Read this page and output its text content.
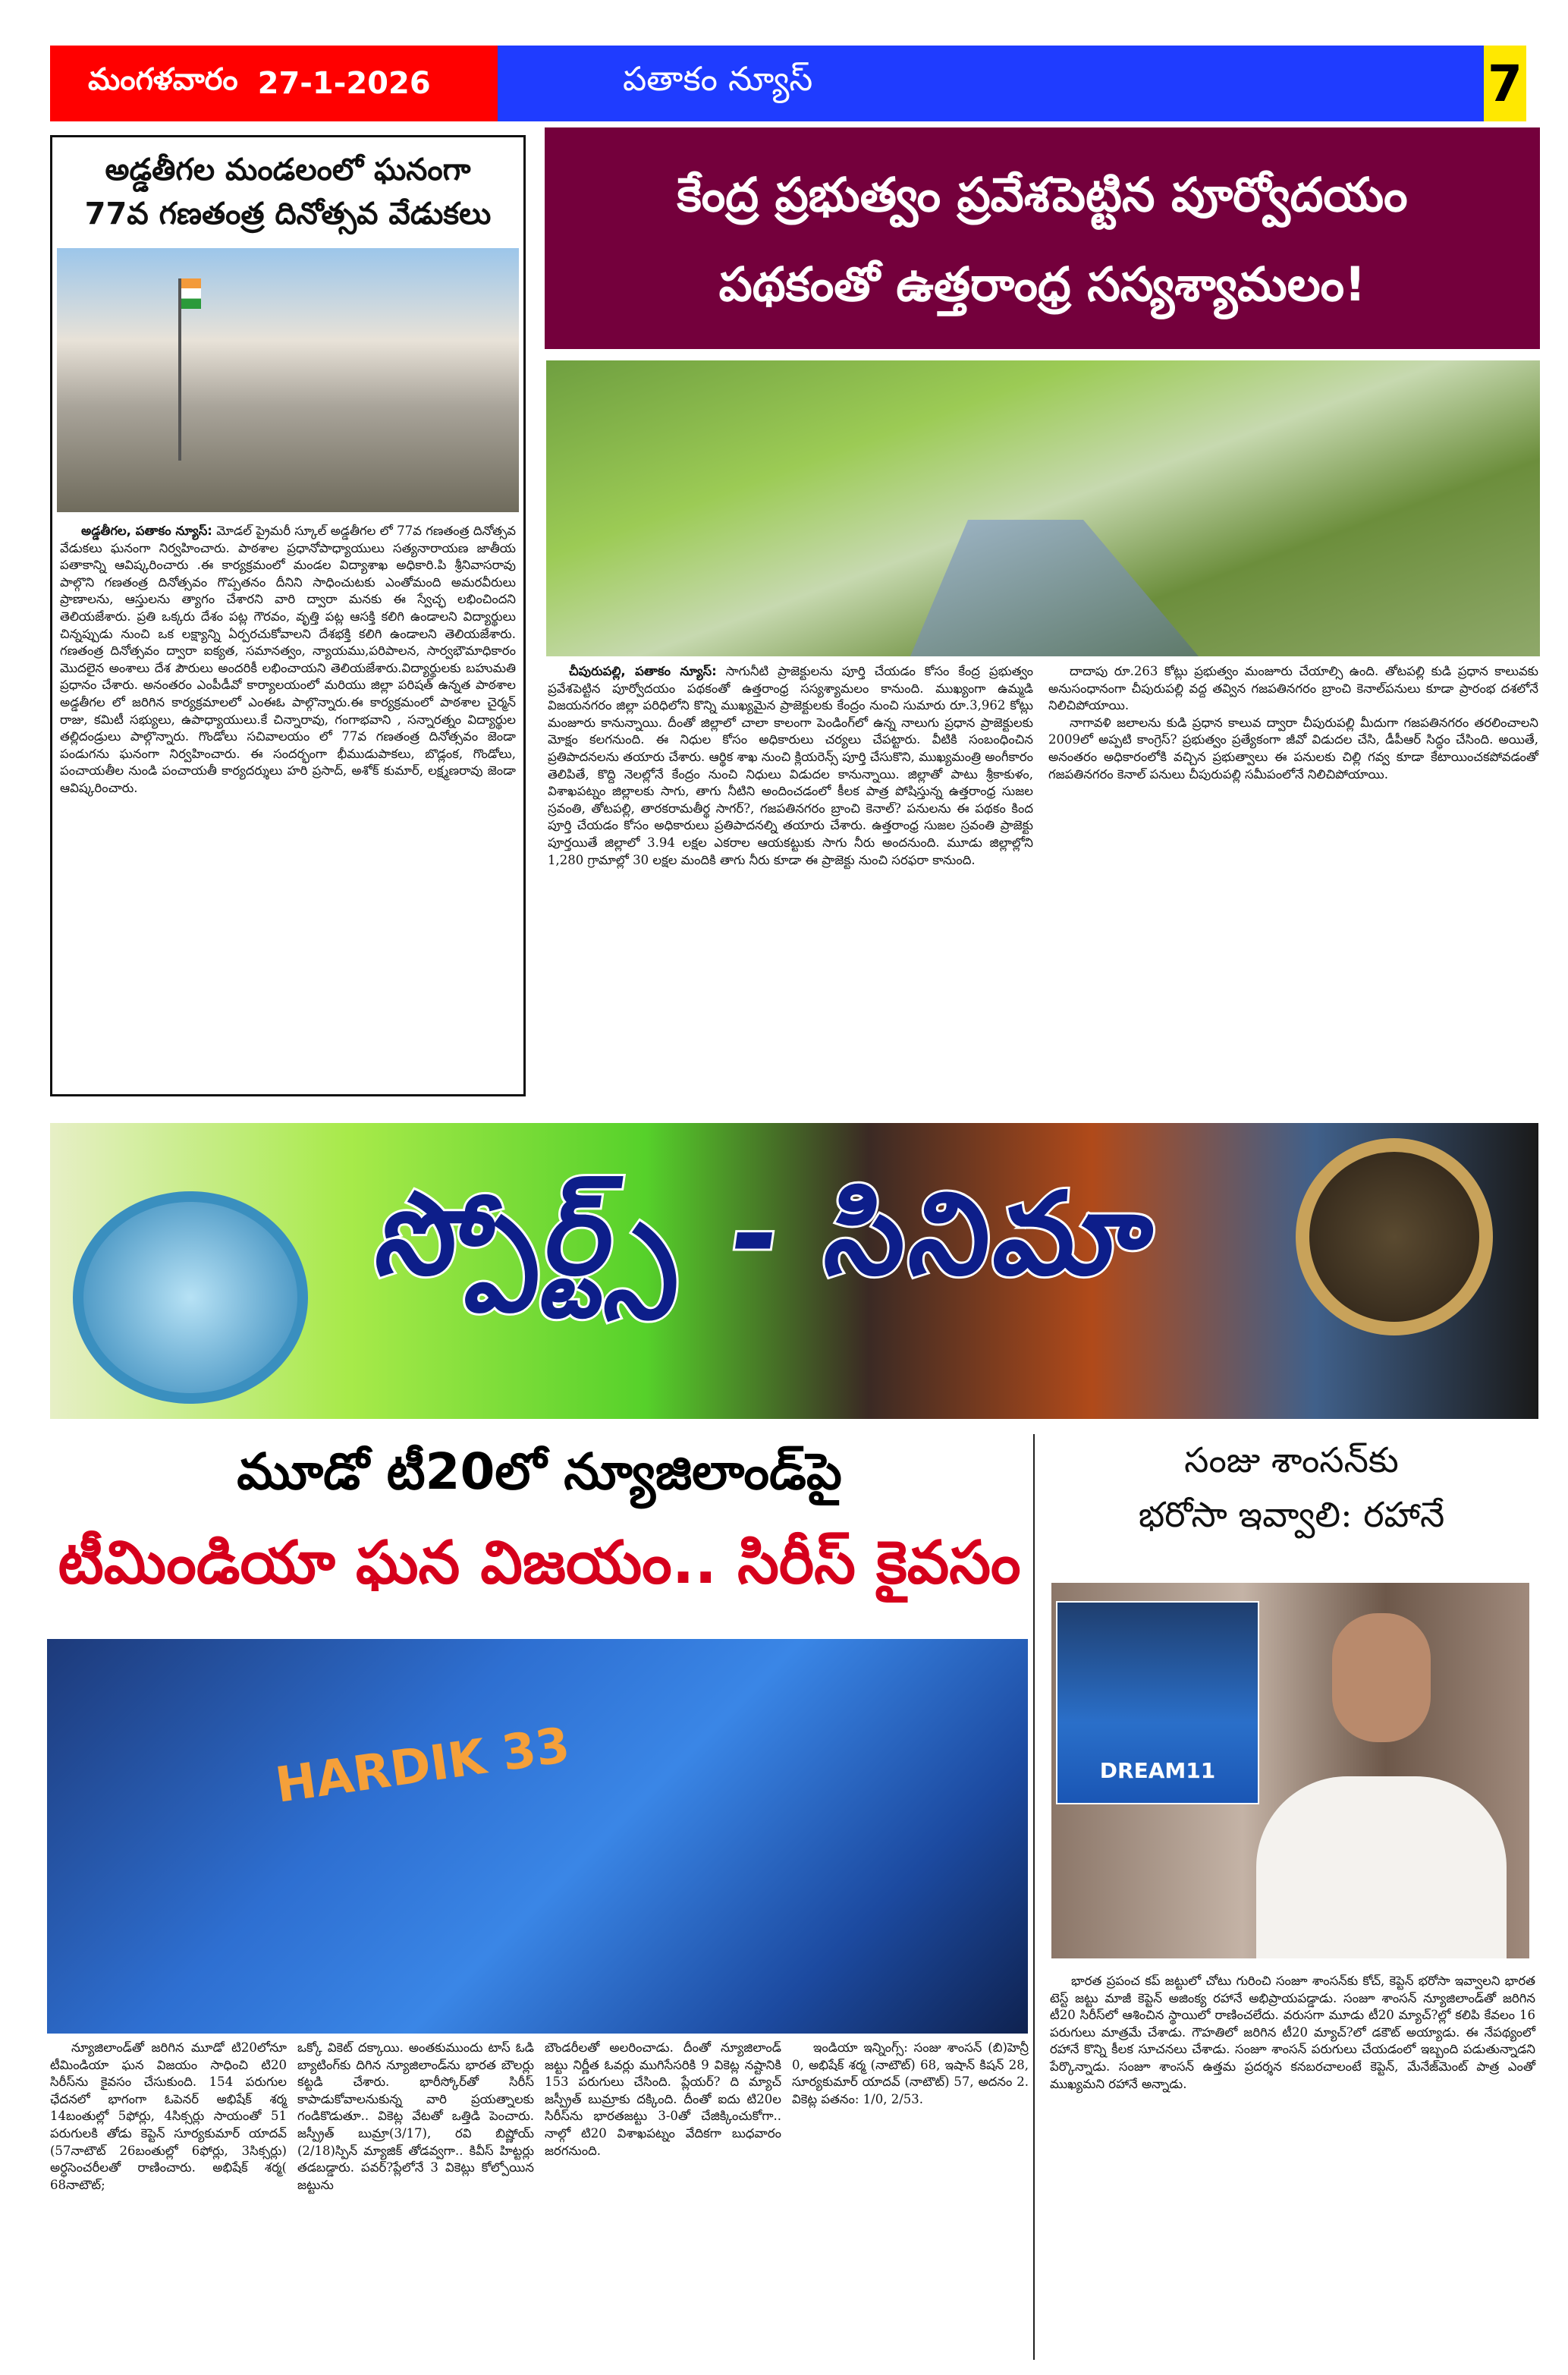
మంగళవారం 27-1-2026	పతాకం న్యూస్	7
అడ్డతీగల మండలంలో ఘనంగా
77వ గణతంత్ర దినోత్సవ వేడుకలు

అడ్డతీగల, పతాకం న్యూస్: మోడల్ ప్రైమరీ స్కూల్ అడ్డతీగల లో 77వ గణతంత్ర దినోత్సవ వేడుకలు ఘనంగా నిర్వహించారు. పాఠశాల ప్రధానోపాధ్యాయులు సత్యనారాయణ జాతీయ పతాకాన్ని ఆవిష్కరించారు .ఈ కార్యక్రమంలో మండల విద్యాశాఖ అధికారి.పి శ్రీనివాసరావు పాల్గొని గణతంత్ర దినోత్సవం గొప్పతనం దీనిని సాధించుటకు ఎంతోమంది అమరవీరులు ప్రాణాలను, ఆస్తులను త్యాగం చేశారని వారి ద్వారా మనకు ఈ స్వేచ్ఛ లభించిందని తెలియజేశారు. ప్రతి ఒక్కరు దేశం పట్ల గౌరవం, వృత్తి పట్ల ఆసక్తి కలిగి ఉండాలని విద్యార్థులు చిన్నప్పుడు నుంచి ఒక లక్ష్యాన్ని ఏర్పరచుకోవాలని దేశభక్తి కలిగి ఉండాలని తెలియజేశారు. గణతంత్ర దినోత్సవం ద్వారా ఐక్యత, సమానత్వం, న్యాయము,పరిపాలన, సార్వభౌమాధికారం మొదలైన అంశాలు దేశ పౌరులు అందరికీ లభించాయని తెలియజేశారు.విద్యార్థులకు బహుమతి ప్రధానం చేశారు. అనంతరం ఎంపీడీవో కార్యాలయంలో మరియు జిల్లా పరిషత్ ఉన్నత పాఠశాల అడ్డతీగల లో జరిగిన కార్యక్రమాలలో ఎంఈఓ పాల్గొన్నారు.ఈ కార్యక్రమంలో పాఠశాల చైర్మన్ రాజు, కమిటీ సభ్యులు, ఉపాధ్యాయులు.కే చిన్నారావు, గంగాభవాని , సన్నారత్నం విద్యార్థుల తల్లిదండ్రులు పాల్గొన్నారు. గొండోలు సచివాలయం లో 77వ గణతంత్ర దినోత్సవం జెండా పండుగను ఘనంగా నిర్వహించారు. ఈ సందర్భంగా భీముడుపాకలు, బొడ్లంక, గొండోలు, పంచాయతీల నుండి పంచాయతీ కార్యదర్శులు హరి ప్రసాద్, అశోక్ కుమార్, లక్ష్మణరావు జెండా ఆవిష్కరించారు.

కేంద్ర ప్రభుత్వం ప్రవేశపెట్టిన పూర్వోదయం
పథకంతో ఉత్తరాంధ్ర సస్యశ్యామలం!

చీపురుపల్లి, పతాకం న్యూస్: సాగునీటి ప్రాజెక్టులను పూర్తి చేయడం కోసం కేంద్ర ప్రభుత్వం ప్రవేశపెట్టిన పూర్వోదయం పథకంతో ఉత్తరాంధ్ర సస్యశ్యామలం కానుంది. ముఖ్యంగా ఉమ్మడి విజయనగరం జిల్లా పరిధిలోని కొన్ని ముఖ్యమైన ప్రాజెక్టులకు కేంద్రం నుంచి సుమారు రూ.3,962 కోట్లు మంజూరు కానున్నాయి. దీంతో జిల్లాలో చాలా కాలంగా పెండింగ్‌లో ఉన్న నాలుగు ప్రధాన ప్రాజెక్టులకు మోక్షం కలగనుంది. ఈ నిధుల కోసం అధికారులు చర్యలు చేపట్టారు. వీటికి సంబంధించిన ప్రతిపాదనలను తయారు చేశారు. ఆర్థిక శాఖ నుంచి క్లియరెన్స్ పూర్తి చేసుకొని, ముఖ్యమంత్రి అంగీకారం తెలిపితే, కొద్ది నెలల్లోనే కేంద్రం నుంచి నిధులు విడుదల కానున్నాయి. జిల్లాతో పాటు శ్రీకాకుళం, విశాఖపట్నం జిల్లాలకు సాగు, తాగు నీటిని అందించడంలో కీలక పాత్ర పోషిస్తున్న ఉత్తరాంధ్ర సుజల స్రవంతి, తోటపల్లి, తారకరామతీర్థ సాగర్?, గజపతినగరం బ్రాంచి కెనాల్? పనులను ఈ పథకం కింద పూర్తి చేయడం కోసం అధికారులు ప్రతిపాదనల్ని తయారు చేశారు. ఉత్తరాంధ్ర సుజల స్రవంతి ప్రాజెక్టు పూర్తయితే జిల్లాలో 3.94 లక్షల ఎకరాల ఆయకట్టుకు సాగు నీరు అందనుంది. మూడు జిల్లాల్లోని 1,280 గ్రామాల్లో 30 లక్షల మందికి తాగు నీరు కూడా ఈ ప్రాజెక్టు నుంచి సరఫరా కానుంది.

దాదాపు రూ.263 కోట్లు ప్రభుత్వం మంజూరు చేయాల్సి ఉంది. తోటపల్లి కుడి ప్రధాన కాలువకు అనుసంధానంగా చీపురుపల్లి వద్ద తవ్విన గజపతినగరం బ్రాంచి కెనాల్‌పనులు కూడా ప్రారంభ దశలోనే నిలిచిపోయాయి.

నాగావళి జలాలను కుడి ప్రధాన కాలువ ద్వారా చీపురుపల్లి మీదుగా గజపతినగరం తరలించాలని 2009లో అప్పటి కాంగ్రెస్? ప్రభుత్వం ప్రత్యేకంగా జీవో విడుదల చేసి, డీపీఆర్ సిద్ధం చేసింది. అయితే, అనంతరం అధికారంలోకి వచ్చిన ప్రభుత్వాలు ఈ పనులకు చిల్లి గవ్వ కూడా కేటాయించకపోవడంతో గజపతినగరం కెనాల్ పనులు చీపురుపల్లి సమీపంలోనే నిలిచిపోయాయి.

స్పోర్ట్స్ - సినిమా
మూడో టీ20లో న్యూజిలాండ్‌పై
టీమిండియా ఘన విజయం.. సిరీస్ కైవసం
HARDIK 33

న్యూజిలాండ్‌తో జరిగిన మూడో టి20లోనూ టీమిండియా ఘన విజయం సాధించి టి20 సిరీస్‌ను కైవసం చేసుకుంది. 154 పరుగుల ఛేదనలో భాగంగా ఓపెనర్ అభిషేక్ శర్మ 14బంతుల్లో 5ఫోర్లు, 4సిక్సర్లు సాయంతో 51 పరుగులకి తోడు కెప్టెన్ సూర్యకుమార్ యాదవ్ (57నాటౌట్ 26బంతుల్లో 6ఫోర్లు, 3సిక్సర్లు) అర్ధసెంచరీలతో రాణించారు. అభిషేక్ శర్మ( 68నాటౌట్;

ఒక్కో వికెట్ దక్కాయి. అంతకుముందు టాస్ ఓడి బ్యాటింగ్‌కు దిగిన న్యూజిలాండ్‌ను భారత బౌలర్లు కట్టడి చేశారు. భారీస్కోర్‌తో సిరీస్ కాపాడుకోవాలనుకున్న వారి ప్రయత్నాలకు గండికొడుతూ.. వికెట్ల వేటతో ఒత్తిడి పెంచారు. జస్ప్రీత్ బుమ్రా(3/17), రవి బిష్ణోయ్ (2/18)స్పిన్ మ్యాజిక్ తోడవ్వగా.. కివీస్ హిట్టర్లు తడబడ్డారు. పవర్?ప్లేలోనే 3 వికెట్లు కోల్పోయిన జట్టును

బౌండరీలతో అలరించాడు. దీంతో న్యూజిలాండ్ జట్టు నిర్ణీత ఓవర్లు ముగిసేసరికి 9 వికెట్ల నష్టానికి 153 పరుగులు చేసింది. ప్లేయర్? ది మ్యాచ్ జస్ప్రీత్ బుమ్రాకు దక్కింది. దీంతో ఐదు టి20ల సిరీస్‌ను భారతజట్టు 3-0తో చేజిక్కించుకోగా.. నాల్గో టి20 విశాఖపట్నం వేదికగా బుధవారం జరగనుంది.

ఇండియా ఇన్నింగ్స్: సంజు శాంసన్ (బి)హెన్రీ 0, అభిషేక్ శర్మ (నాటౌట్) 68, ఇషాన్ కిషన్ 28, సూర్యకుమార్ యాదవ్ (నాటౌట్) 57, అదనం 2. వికెట్ల పతనం: 1/0, 2/53.

సంజు శాంసన్‌కు
భరోసా ఇవ్వాలి: రహానే
DREAM11

భారత ప్రపంచ కప్ జట్టులో చోటు గురించి సంజూ శాంసన్‌కు కోచ్, కెప్టెన్ భరోసా ఇవ్వాలని భారత టెస్ట్ జట్టు మాజీ కెప్టెన్ అజింక్య రహానే అభిప్రాయపడ్డాడు. సంజూ శాంసన్ న్యూజిలాండ్‌తో జరిగిన టీ20 సిరీస్‌లో ఆశించిన స్థాయిలో రాణించలేదు. వరుసగా మూడు టీ20 మ్యాచ్?ల్లో కలిపి కేవలం 16 పరుగులు మాత్రమే చేశాడు. గౌహతిలో జరిగిన టీ20 మ్యాచ్?లో డకౌట్ అయ్యాడు. ఈ నేపథ్యంలో రహానే కొన్ని కీలక సూచనలు చేశాడు. సంజూ శాంసన్ పరుగులు చేయడంలో ఇబ్బంది పడుతున్నాడని పేర్కొన్నాడు. సంజూ శాంసన్ ఉత్తమ ప్రదర్శన కనబరచాలంటే కెప్టెన్, మేనేజ్‌మెంట్ పాత్ర ఎంతో ముఖ్యమని రహానే అన్నాడు.
